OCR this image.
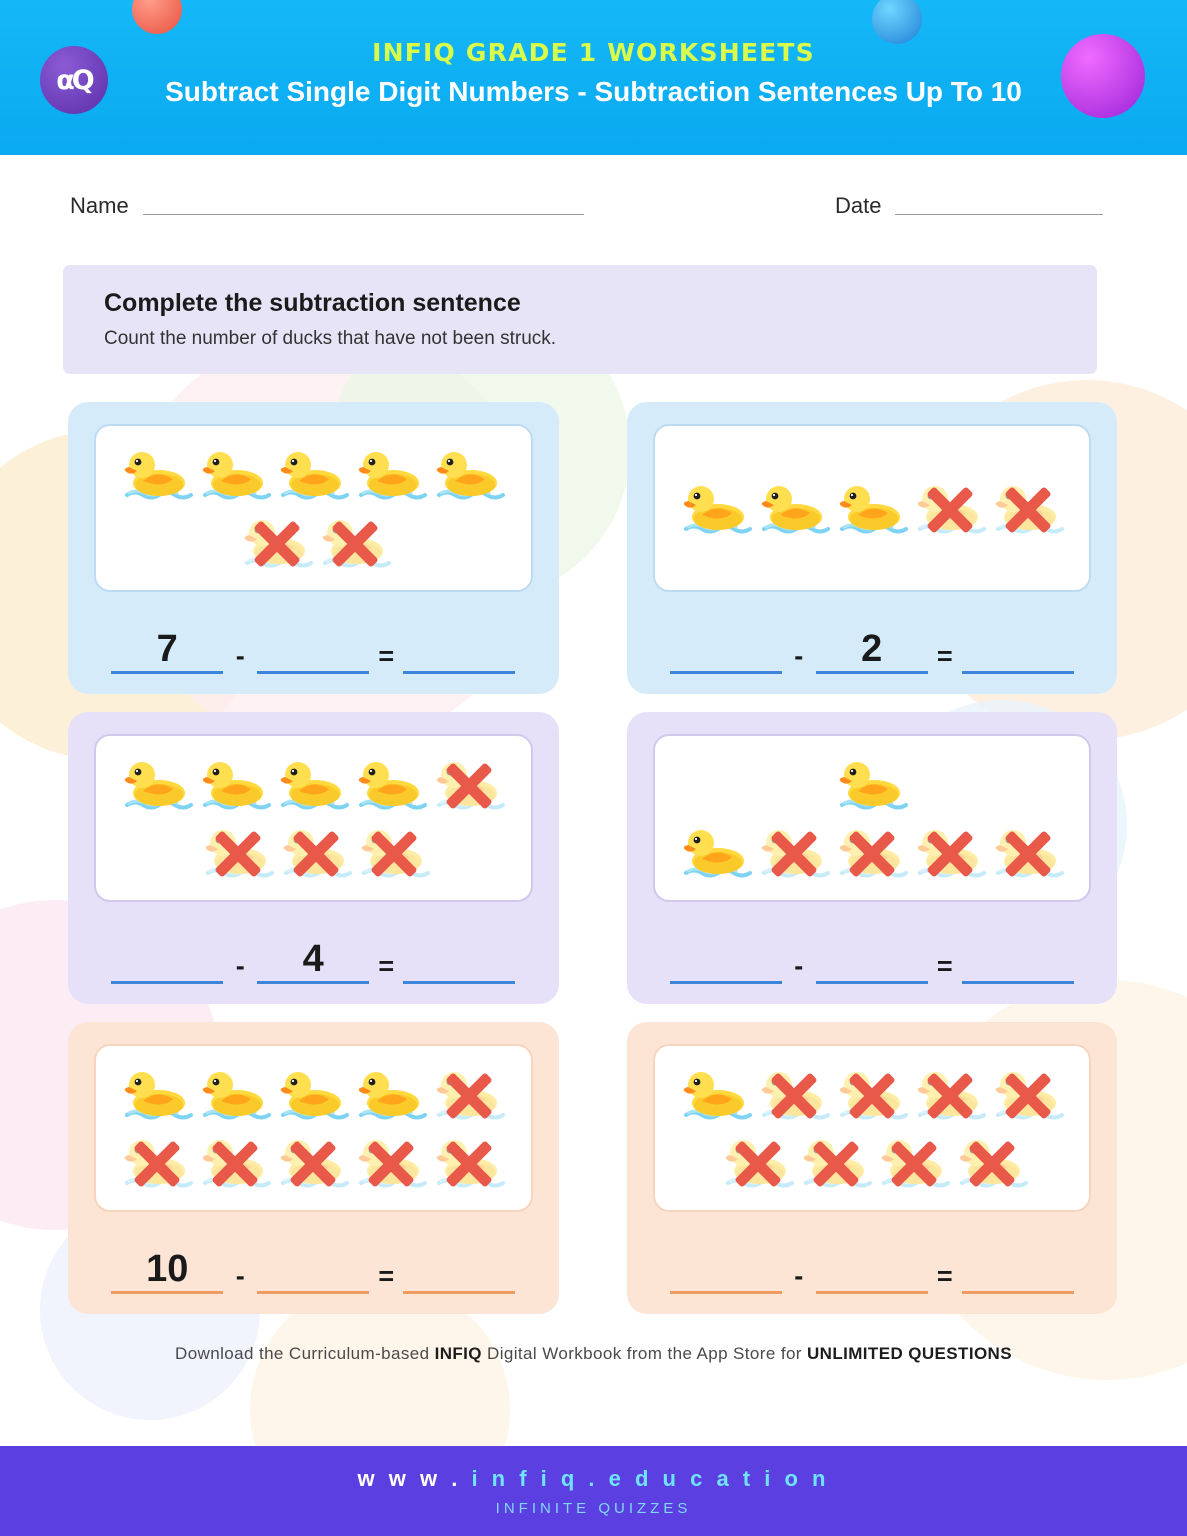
αQ
INFIQ GRADE 1 WORKSHEETS
Subtract Single Digit Numbers - Subtraction Sentences Up To 10
Name	Date
Complete the subtraction sentence
Count the number of ducks that have not been struck.
7	-	=	-	2	=
-	4	=	-	=
10	-	=	-	=
Download the Curriculum-based INFIQ Digital Workbook from the App Store for UNLIMITED QUESTIONS
w w w . i n f i q . e d u c a t i o n
INFINITE QUIZZES
